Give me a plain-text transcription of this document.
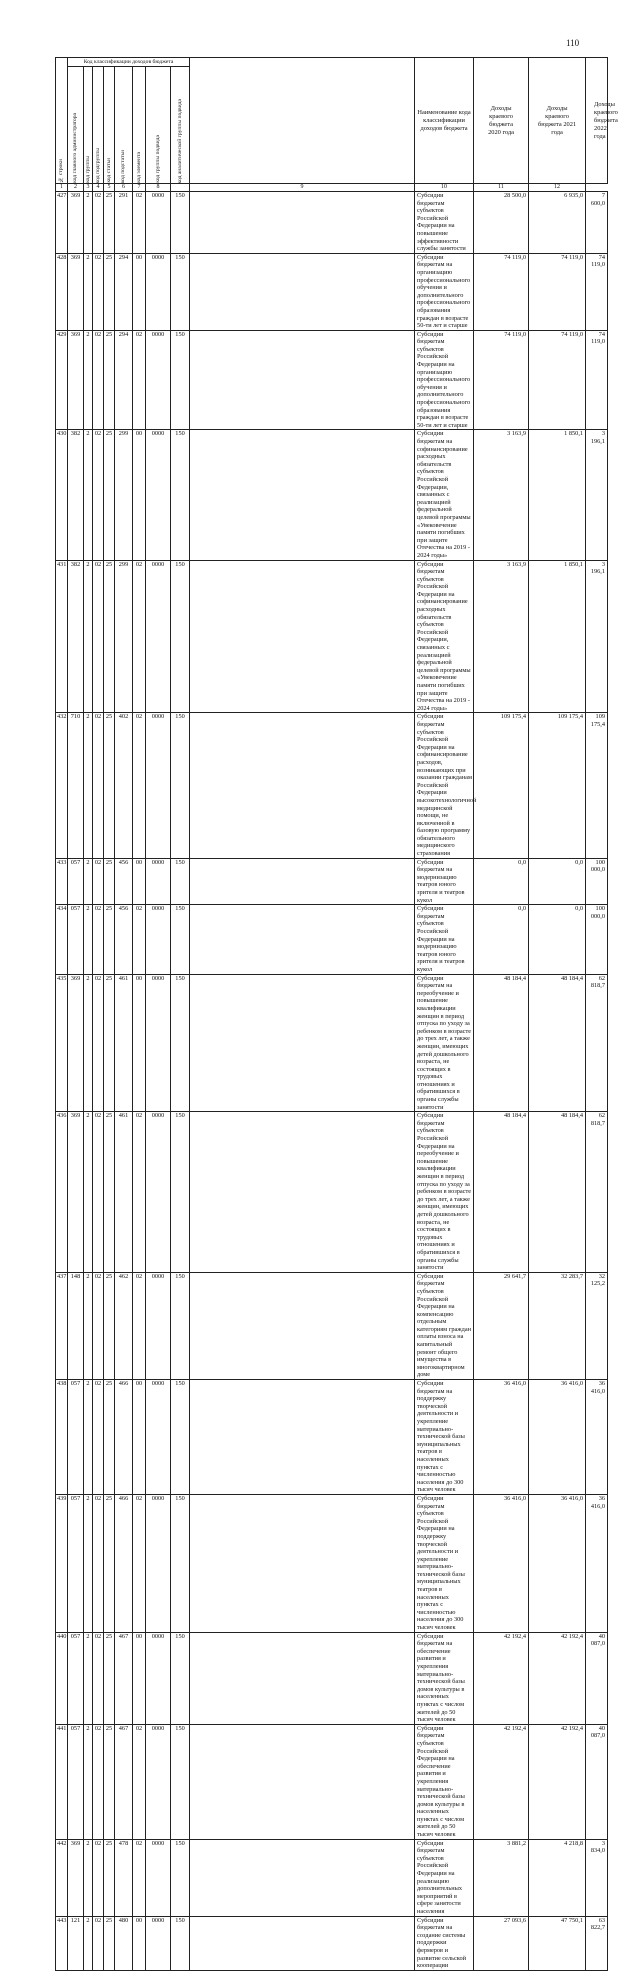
110
№ строки	Код классификации доходов бюджета									Наименование кода классификации доходов бюджета	Доходы краевого бюджета 2020 года	Доходы краевого бюджета 2021 года	Доходы краевого бюджета 2022 года

	код главного администратора	код группы	код подгруппы	код статьи	код подстатьи	код элемента	код группы подвида	код аналитической группы подвида					

1	2	3	4	5	6	7	8		9	10	11	12	
427	369	2	02	25	291	02	0000	150		Субсидии бюджетам субъектов Российской Федерации на повышение эффективности службы занятости	28 500,0	6 935,0	7 600,0
428	369	2	02	25	294	00	0000	150		Субсидии бюджетам на организацию профессионального обучения и дополнительного профессионального образования граждан в возрасте 50-ти лет и старше	74 119,0	74 119,0	74 119,0
429	369	2	02	25	294	02	0000	150		Субсидии бюджетам субъектов Российской Федерации на организацию профессионального обучения и дополнительного профессионального образования граждан в возрасте 50-ти лет и старше	74 119,0	74 119,0	74 119,0
430	382	2	02	25	299	00	0000	150		Субсидии бюджетам на софинансирование расходных обязательств субъектов Российской Федерации, связанных с реализацией федеральной целевой программы «Увековечение памяти погибших при защите Отечества на 2019 - 2024 годы»	3 163,9	1 850,1	3 196,1
431	382	2	02	25	299	02	0000	150		Субсидии бюджетам субъектов Российской Федерации на софинансирование расходных обязательств субъектов Российской Федерации, связанных с реализацией федеральной целевой программы «Увековечение памяти погибших при защите Отечества на 2019 - 2024 годы»	3 163,9	1 850,1	3 196,1
432	710	2	02	25	402	02	0000	150		Субсидии бюджетам субъектов Российской Федерации на софинансирование расходов, возникающих при оказании гражданам Российской Федерации высокотехнологичной медицинской помощи, не включенной в базовую программу обязательного медицинского страхования	109 175,4	109 175,4	109 175,4
433	057	2	02	25	456	00	0000	150		Субсидии бюджетам на модернизацию театров юного зрителя и театров кукол	0,0	0,0	100 000,0
434	057	2	02	25	456	02	0000	150		Субсидии бюджетам субъектов Российской Федерации на модернизацию театров юного зрителя и театров кукол	0,0	0,0	100 000,0
435	369	2	02	25	461	00	0000	150		Субсидии бюджетам на переобучение и повышение квалификации женщин в период отпуска по уходу за ребенком в возрасте до трех лет, а также женщин, имеющих детей дошкольного возраста, не состоящих в трудовых отношениях и обратившихся в органы службы занятости	48 184,4	48 184,4	62 818,7
436	369	2	02	25	461	02	0000	150		Субсидии бюджетам субъектов Российской Федерации на переобучение и повышение квалификации женщин в период отпуска по уходу за ребенком в возрасте до трех лет, а также женщин, имеющих детей дошкольного возраста, не состоящих в трудовых отношениях и обратившихся в органы службы занятости	48 184,4	48 184,4	62 818,7
437	148	2	02	25	462	02	0000	150		Субсидии бюджетам субъектов Российской Федерации на компенсацию отдельным категориям граждан оплаты взноса на капитальный ремонт общего имущества в многоквартирном доме	29 641,7	32 283,7	32 125,2
438	057	2	02	25	466	00	0000	150		Субсидии бюджетам на поддержку творческой деятельности и укрепление материально-технической базы муниципальных театров в населенных пунктах с численностью населения до 300 тысяч человек	36 416,0	36 416,0	36 416,0
439	057	2	02	25	466	02	0000	150		Субсидии бюджетам субъектов Российской Федерации на поддержку творческой деятельности и укрепление материально-технической базы муниципальных театров в населенных пунктах с численностью населения до 300 тысяч человек	36 416,0	36 416,0	36 416,0
440	057	2	02	25	467	00	0000	150		Субсидии бюджетам на обеспечение развития и укрепления материально-технической базы домов культуры в населенных пунктах с числом жителей до 50 тысяч человек	42 192,4	42 192,4	40 087,0
441	057	2	02	25	467	02	0000	150		Субсидии бюджетам субъектов Российской Федерации на обеспечение развития и укрепления материально-технической базы домов культуры в населенных пунктах с числом жителей до 50 тысяч человек	42 192,4	42 192,4	40 087,0
442	369	2	02	25	478	02	0000	150		Субсидии бюджетам субъектов Российской Федерации на реализацию дополнительных мероприятий в сфере занятости населения	3 881,2	4 218,8	3 834,0
443	121	2	02	25	480	00	0000	150		Субсидии бюджетам на создание системы поддержки фермеров и развитие сельской кооперации	27 093,6	47 750,1	63 822,7
